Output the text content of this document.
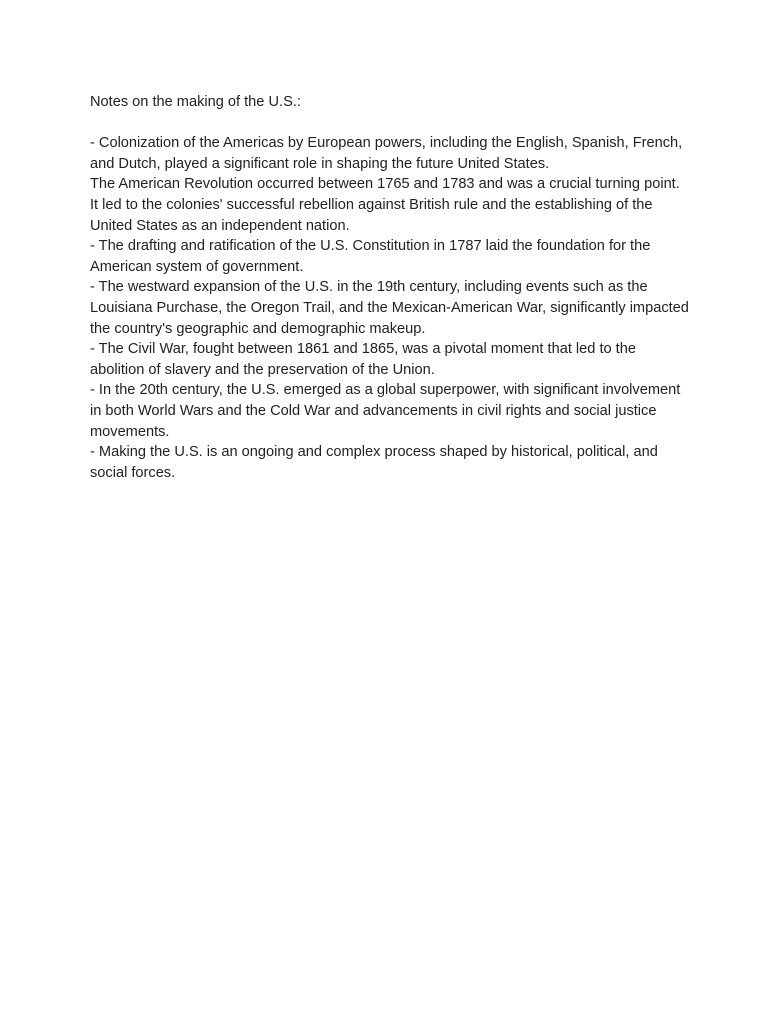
Notes on the making of the U.S.:

- Colonization of the Americas by European powers, including the English, Spanish, French, and Dutch, played a significant role in shaping the future United States.

The American Revolution occurred between 1765 and 1783 and was a crucial turning point. It led to the colonies' successful rebellion against British rule and the establishing of the United States as an independent nation.

- The drafting and ratification of the U.S. Constitution in 1787 laid the foundation for the American system of government.

- The westward expansion of the U.S. in the 19th century, including events such as the Louisiana Purchase, the Oregon Trail, and the Mexican-American War, significantly impacted the country's geographic and demographic makeup.

- The Civil War, fought between 1861 and 1865, was a pivotal moment that led to the abolition of slavery and the preservation of the Union.

- In the 20th century, the U.S. emerged as a global superpower, with significant involvement in both World Wars and the Cold War and advancements in civil rights and social justice movements.

- Making the U.S. is an ongoing and complex process shaped by historical, political, and social forces.
